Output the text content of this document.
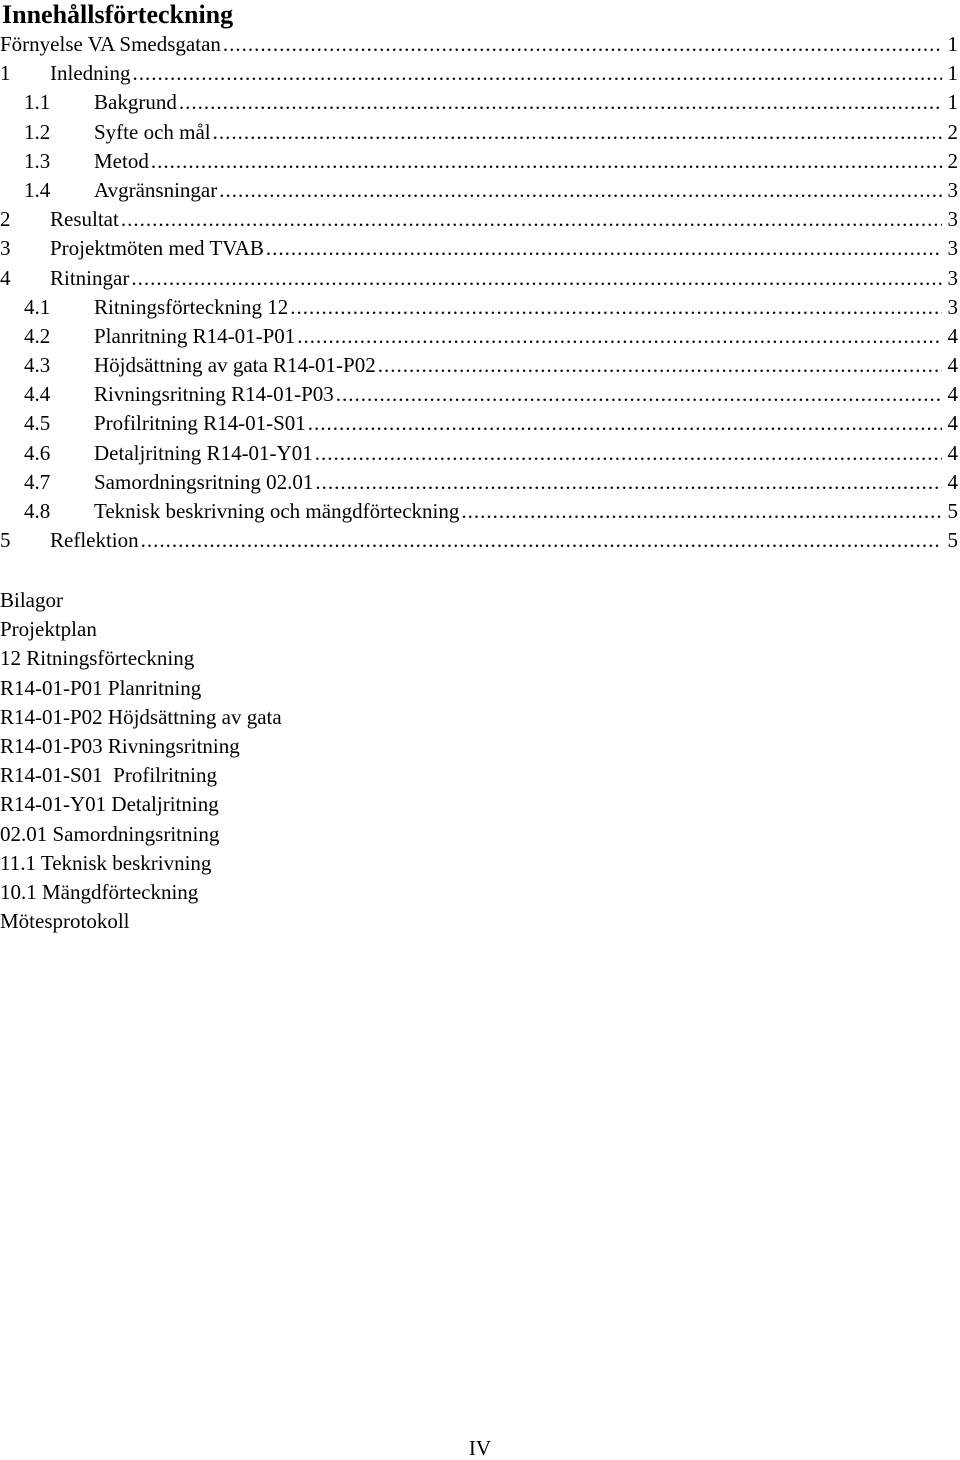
Innehållsförteckning
Förnyelse VA Smedsgatan .....	1
1	Inledning .....	1
1.1	Bakgrund .....	1
1.2	Syfte och mål .....	2
1.3	Metod .....	2
1.4	Avgränsningar .....	3
2	Resultat .....	3
3	Projektmöten med TVAB .....	3
4	Ritningar .....	3
4.1	Ritningsförteckning 12 .....	3
4.2	Planritning R14-01-P01 .....	4
4.3	Höjdsättning av gata R14-01-P02 .....	4
4.4	Rivningsritning R14-01-P03 .....	4
4.5	Profilritning R14-01-S01 .....	4
4.6	Detaljritning R14-01-Y01 .....	4
4.7	Samordningsritning 02.01 .....	4
4.8	Teknisk beskrivning och mängdförteckning .....	5
5	Reflektion .....	5
Bilagor
Projektplan
12 Ritningsförteckning
R14-01-P01 Planritning
R14-01-P02 Höjdsättning av gata
R14-01-P03 Rivningsritning
R14-01-S01  Profilritning
R14-01-Y01 Detaljritning
02.01 Samordningsritning
11.1 Teknisk beskrivning
10.1 Mängdförteckning
Mötesprotokoll
IV
